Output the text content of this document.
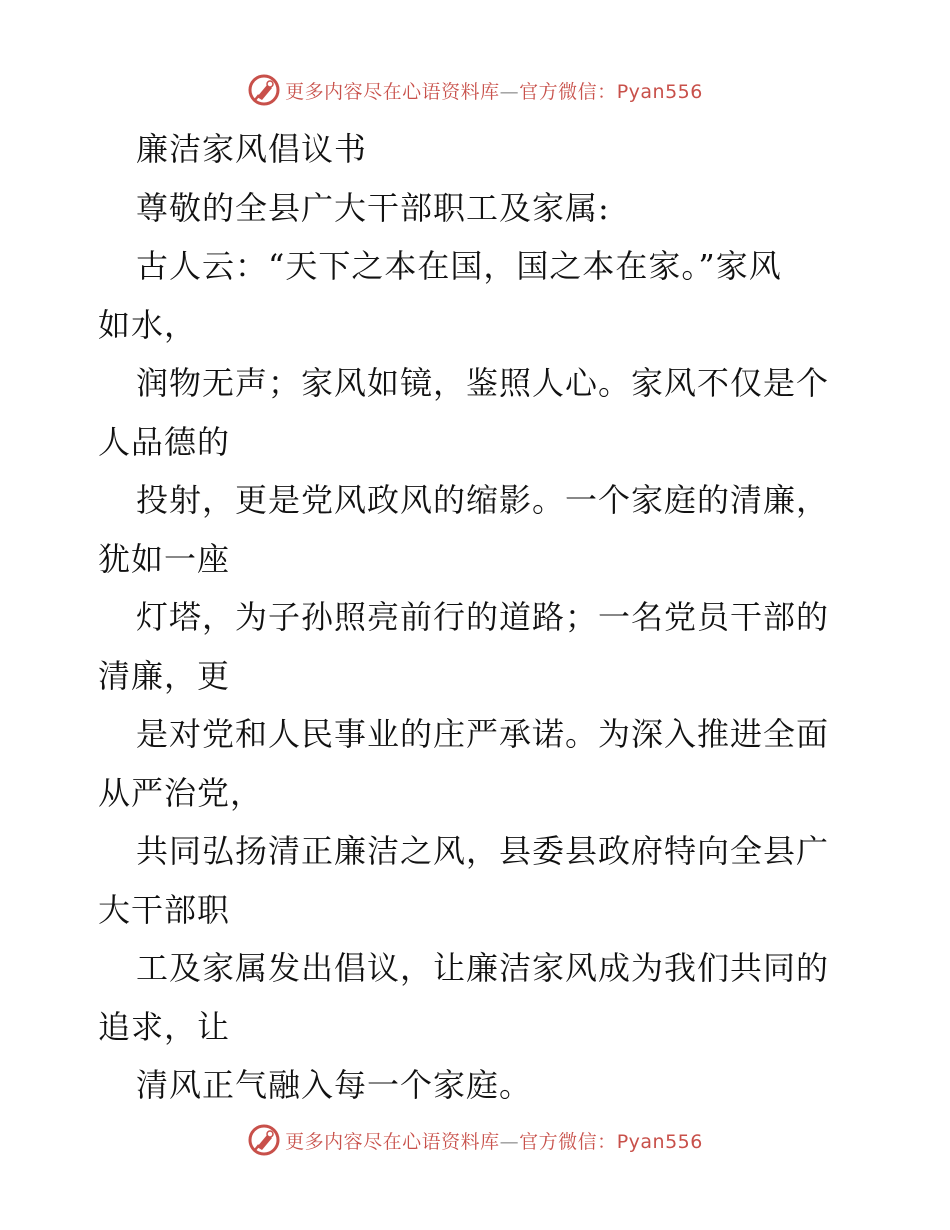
更多内容尽在心语资料库—官方微信：Pyan556
廉洁家风倡议书
尊敬的全县广大干部职工及家属:
古人云：“天下之本在国，国之本在家。”家风
如水，
润物无声；家风如镜，鉴照人心。家风不仅是个
人品德的
投射，更是党风政风的缩影。一个家庭的清廉，
犹如一座
灯塔，为子孙照亮前行的道路；一名党员干部的
清廉，更
是对党和人民事业的庄严承诺。为深入推进全面
从严治党，
共同弘扬清正廉洁之风，县委县政府特向全县广
大干部职
工及家属发出倡议，让廉洁家风成为我们共同的
追求，让
清风正气融入每一个家庭。
更多内容尽在心语资料库—官方微信：Pyan556
